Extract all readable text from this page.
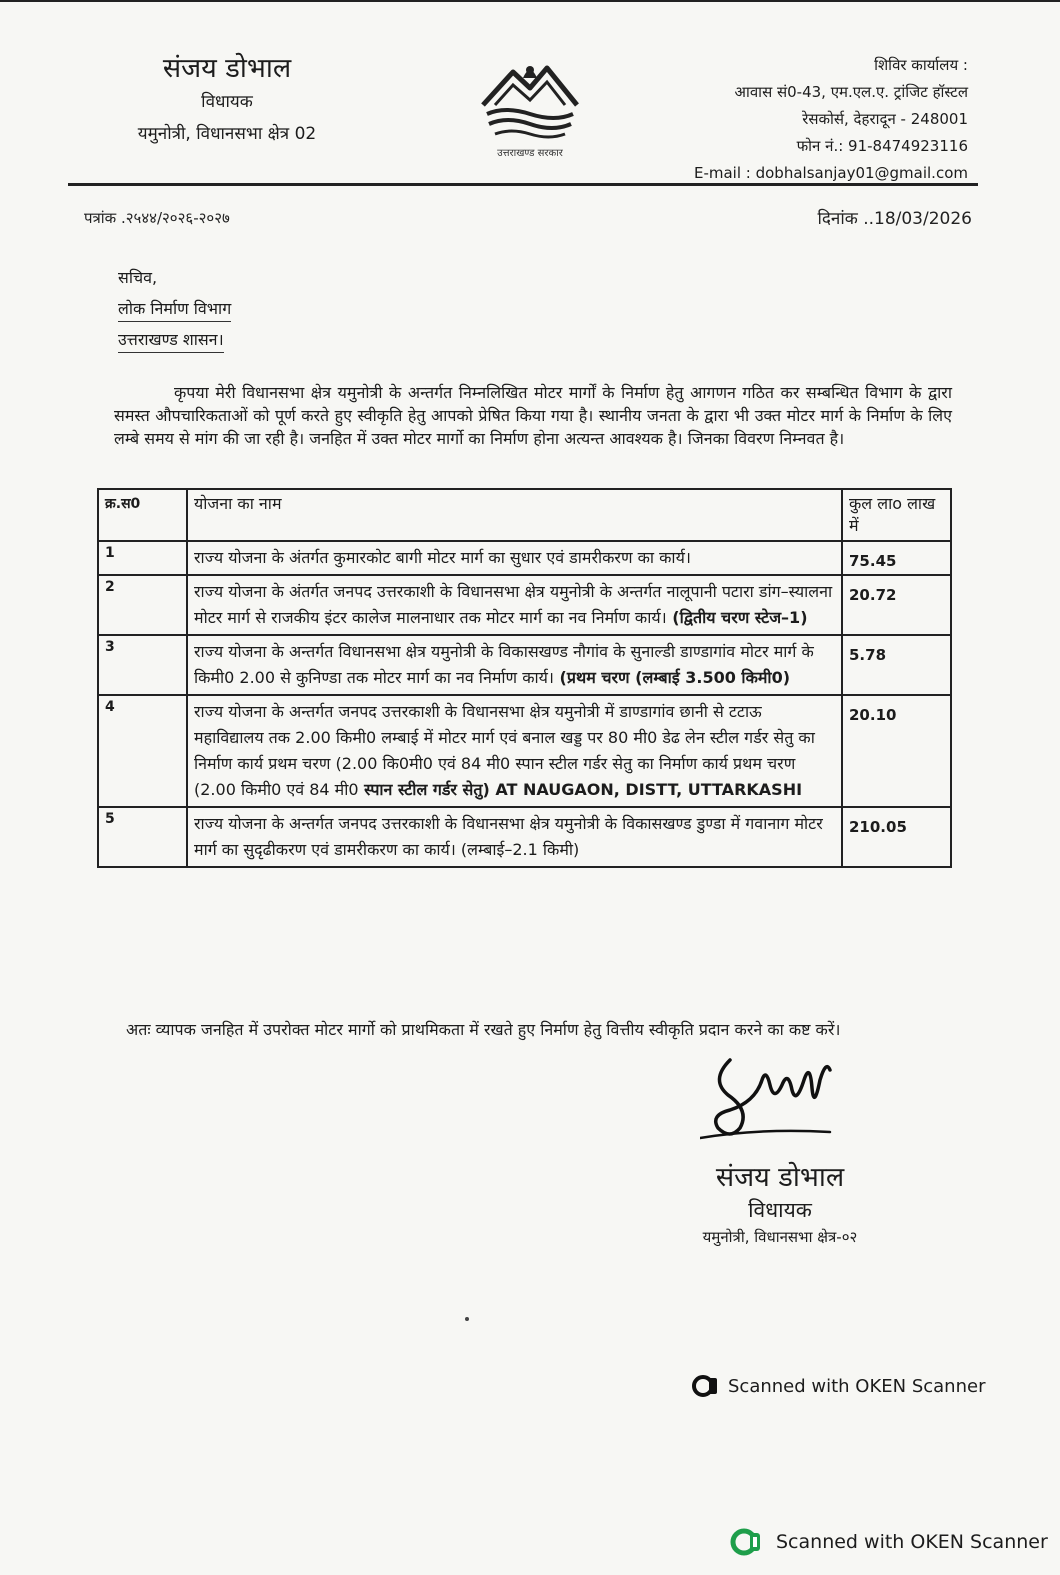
संजय डोभाल
विधायक
यमुनोत्री, विधानसभा क्षेत्र 02
उत्तराखण्ड सरकार
शिविर कार्यालय :
आवास सं0-43, एम.एल.ए. ट्रांजिट हॉस्टल
रेसकोर्स, देहरादून - 248001
फोन नं.: 91-8474923116
E-mail : dobhalsanjay01@gmail.com
पत्रांक .२५४४/२०२६-२०२७	दिनांक ..18/03/2026
सचिव,
लोक निर्माण विभाग
उत्तराखण्ड शासन।
कृपया मेरी विधानसभा क्षेत्र यमुनोत्री के अन्तर्गत निम्नलिखित मोटर मार्गों के निर्माण हेतु आगणन गठित कर सम्बन्धित विभाग के द्वारा समस्त औपचारिकताओं को पूर्ण करते हुए स्वीकृति हेतु आपको प्रेषित किया गया है। स्थानीय जनता के द्वारा भी उक्त मोटर मार्ग के निर्माण के लिए लम्बे समय से मांग की जा रही है। जनहित में उक्त मोटर मार्गो का निर्माण होना अत्यन्त आवश्यक है। जिनका विवरण निम्नवत है।
क्र.स0	योजना का नाम	कुल लाo लाख में
1	राज्य योजना के अंतर्गत कुमारकोट बागी मोटर मार्ग का सुधार एवं डामरीकरण का कार्य।	75.45
2	राज्य योजना के अंतर्गत जनपद उत्तरकाशी के विधानसभा क्षेत्र यमुनोत्री के अन्तर्गत नालूपानी पटारा डांग–स्यालना मोटर मार्ग से राजकीय इंटर कालेज मालनाधार तक मोटर मार्ग का नव निर्माण कार्य। (द्वितीय चरण स्टेज–1)	20.72
3	राज्य योजना के अन्तर्गत विधानसभा क्षेत्र यमुनोत्री के विकासखण्ड नौगांव के सुनाल्डी डाण्डागांव मोटर मार्ग के किमी0 2.00 से कुनिण्डा तक मोटर मार्ग का नव निर्माण कार्य। (प्रथम चरण (लम्बाई 3.500 किमी0)	5.78
4	राज्य योजना के अन्तर्गत जनपद उत्तरकाशी के विधानसभा क्षेत्र यमुनोत्री में डाण्डागांव छानी से टटाऊ महाविद्यालय तक 2.00 किमी0 लम्बाई में मोटर मार्ग एवं बनाल खड्ड पर 80 मी0 डेढ लेन स्टील गर्डर सेतु का निर्माण कार्य प्रथम चरण (2.00 कि0मी0 एवं 84 मी0 स्पान स्टील गर्डर सेतु का निर्माण कार्य प्रथम चरण (2.00 किमी0 एवं 84 मी0 स्पान स्टील गर्डर सेतु) AT NAUGAON, DISTT, UTTARKASHI	20.10
5	राज्य योजना के अन्तर्गत जनपद उत्तरकाशी के विधानसभा क्षेत्र यमुनोत्री के विकासखण्ड डुण्डा में गवानाग मोटर मार्ग का सुदृढीकरण एवं डामरीकरण का कार्य। (लम्बाई–2.1 किमी)	210.05
अतः व्यापक जनहित में उपरोक्त मोटर मार्गो को प्राथमिकता में रखते हुए निर्माण हेतु वित्तीय स्वीकृति प्रदान करने का कष्ट करें।
संजय डोभाल
विधायक
यमुनोत्री, विधानसभा क्षेत्र-०२
Scanned with OKEN Scanner
Scanned with OKEN Scanner
